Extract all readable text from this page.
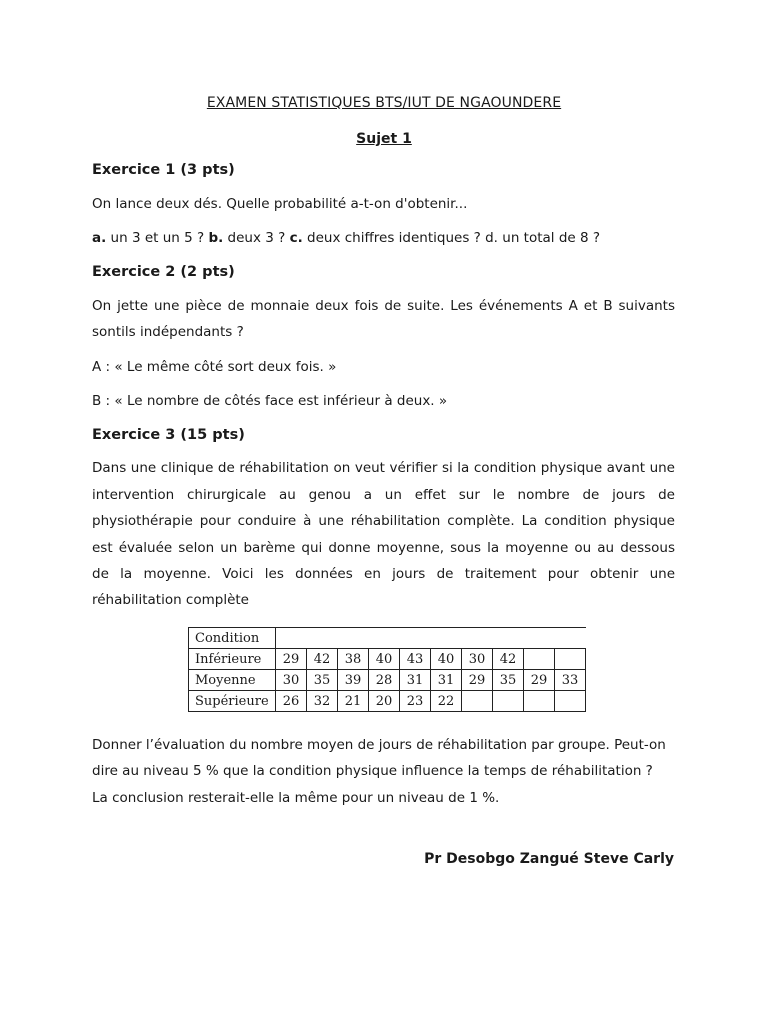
EXAMEN STATISTIQUES BTS/IUT DE NGAOUNDERE
Sujet 1
Exercice 1 (3 pts)
On lance deux dés. Quelle probabilité a-t-on d'obtenir...
a. un 3 et un 5 ? b. deux 3 ? c. deux chiffres identiques ? d. un total de 8 ?
Exercice 2 (2 pts)
On jette une pièce de monnaie deux fois de suite. Les événements A et B suivants
sontils indépendants ?
A : « Le même côté sort deux fois. »
B : « Le nombre de côtés face est inférieur à deux. »
Exercice 3 (15 pts)
Dans une clinique de réhabilitation on veut vérifier si la condition physique avant une
intervention chirurgicale au genou a un effet sur le nombre de jours de
physiothérapie pour conduire à une réhabilitation complète. La condition physique
est évaluée selon un barème qui donne moyenne, sous la moyenne ou au dessous
de la moyenne. Voici les données en jours de traitement pour obtenir une
réhabilitation complète
Condition										
Inférieure	29	42	38	40	43	40	30	42		
Moyenne	30	35	39	28	31	31	29	35	29	33
Supérieure	26	32	21	20	23	22				
Donner l’évaluation du nombre moyen de jours de réhabilitation par groupe. Peut-on
dire au niveau 5 % que la condition physique influence la temps de réhabilitation ?
La conclusion resterait-elle la même pour un niveau de 1 %.
Pr Desobgo Zangué Steve Carly
